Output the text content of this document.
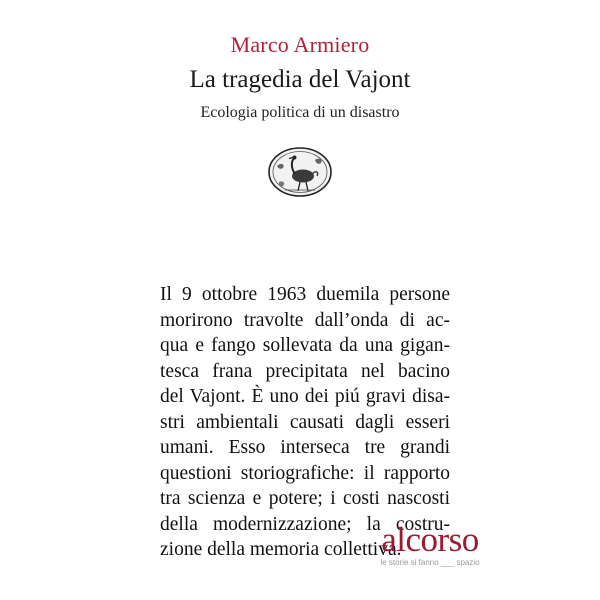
Marco Armiero
La tragedia del Vajont
Ecologia politica di un disastro
Il 9 ottobre 1963 duemila persone
morirono travolte dall’onda di ac-
qua e fango sollevata da una gigan-
tesca frana precipitata nel bacino
del Vajont. È uno dei piú gravi disa-
stri ambientali causati dagli esseri
umani. Esso interseca tre grandi
questioni storiografiche: il rapporto
tra scienza e potere; i costi nascosti
della modernizzazione; la costru-
zione della memoria collettiva.
alcorso
le storie si fanno ___ spazio
